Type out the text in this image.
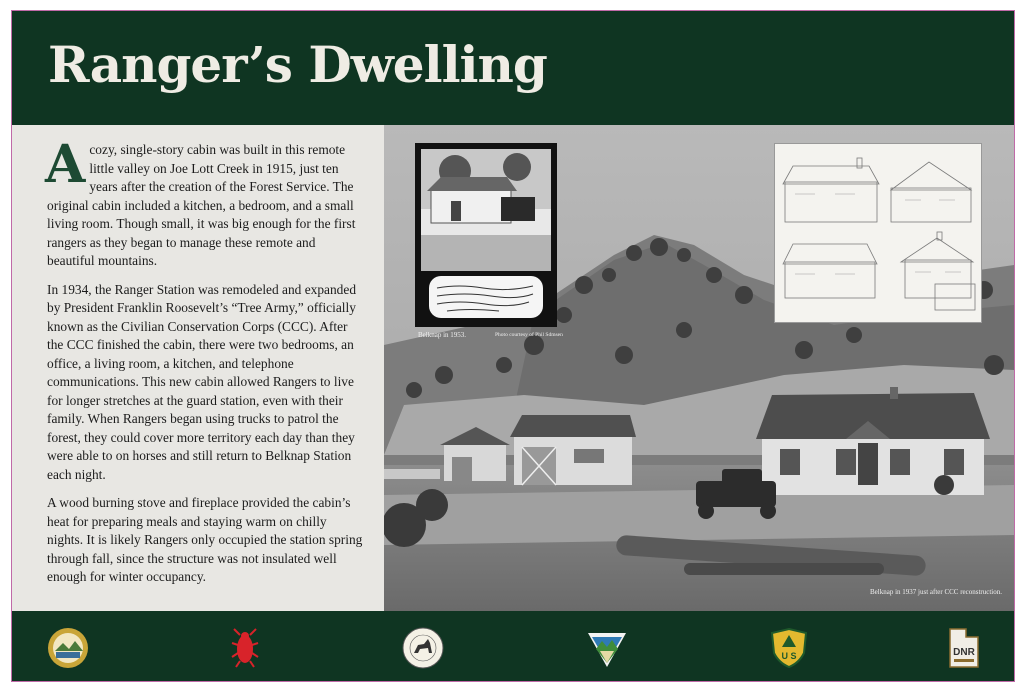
Ranger’s Dwelling

Acozy, single-story cabin was built in this remote little valley on Joe Lott Creek in 1915, just ten years after the creation of the Forest Service. The original cabin included a kitchen, a bedroom, and a small living room. Though small, it was big enough for the first rangers as they began to manage these remote and beautiful mountains.

In 1934, the Ranger Station was remodeled and expanded by President Franklin Roosevelt’s “Tree Army,” officially known as the Civilian Conservation Corps (CCC). After the CCC finished the cabin, there were two bedrooms, an office, a living room, a kitchen, and telephone communications. This new cabin allowed Rangers to live for longer stretches at the guard station, even with their family. When Rangers began using trucks to patrol the forest, they could cover more territory each day than they were able to on horses and still return to Belknap Station each night.

A wood burning stove and fireplace provided the cabin’s heat for preparing meals and staying warm on chilly nights. It is likely Rangers only occupied the station spring through fall, since the structure was not insulated well enough for winter occupancy.

Belknap in 1953.	Photo courtesy of Phil Sdmsen
Belknap in 1937 just after CCC reconstruction.
U S	DNR
